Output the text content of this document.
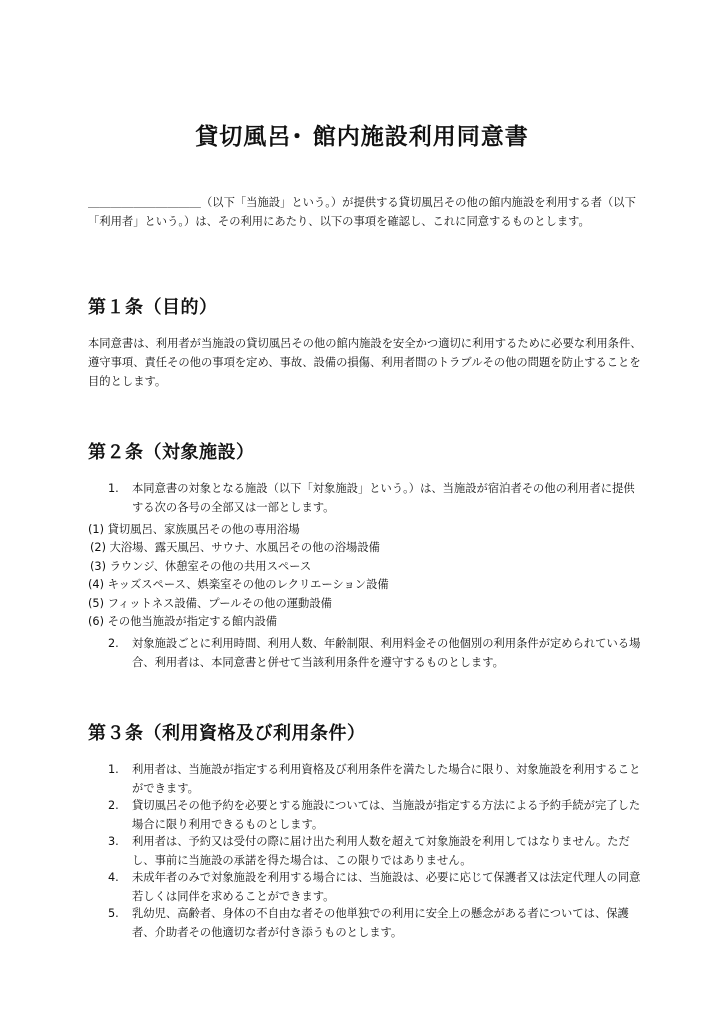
貸切風呂･ 館内施設利用同意書

＿＿＿＿＿＿＿＿＿＿（以下「当施設」という。）が提供する貸切風呂その他の館内施設を利用する者（以下「利用者」という。）は、その利用にあたり、以下の事項を確認し、これに同意するものとします。

第１条（目的）

本同意書は、利用者が当施設の貸切風呂その他の館内施設を安全かつ適切に利用するために必要な利用条件、遵守事項、責任その他の事項を定め、事故、設備の損傷、利用者間のトラブルその他の問題を防止することを目的とします。

第２条（対象施設）
1. 本同意書の対象となる施設（以下「対象施設」という。）は、当施設が宿泊者その他の利用者に提供する次の各号の全部又は一部とします。
(1) 貸切風呂、家族風呂その他の専用浴場
(2) 大浴場、露天風呂、サウナ、水風呂その他の浴場設備
(3) ラウンジ、休憩室その他の共用スペース
(4) キッズスペース、娯楽室その他のレクリエーション設備
(5) フィットネス設備、プールその他の運動設備
(6) その他当施設が指定する館内設備
2. 対象施設ごとに利用時間、利用人数、年齢制限、利用料金その他個別の利用条件が定められている場合、利用者は、本同意書と併せて当該利用条件を遵守するものとします。
第３条（利用資格及び利用条件）
1. 利用者は、当施設が指定する利用資格及び利用条件を満たした場合に限り、対象施設を利用することができます。
2. 貸切風呂その他予約を必要とする施設については、当施設が指定する方法による予約手続が完了した場合に限り利用できるものとします。
3. 利用者は、予約又は受付の際に届け出た利用人数を超えて対象施設を利用してはなりません。ただし、事前に当施設の承諾を得た場合は、この限りではありません。
4. 未成年者のみで対象施設を利用する場合には、当施設は、必要に応じて保護者又は法定代理人の同意若しくは同伴を求めることができます。
5. 乳幼児、高齢者、身体の不自由な者その他単独での利用に安全上の懸念がある者については、保護者、介助者その他適切な者が付き添うものとします。
